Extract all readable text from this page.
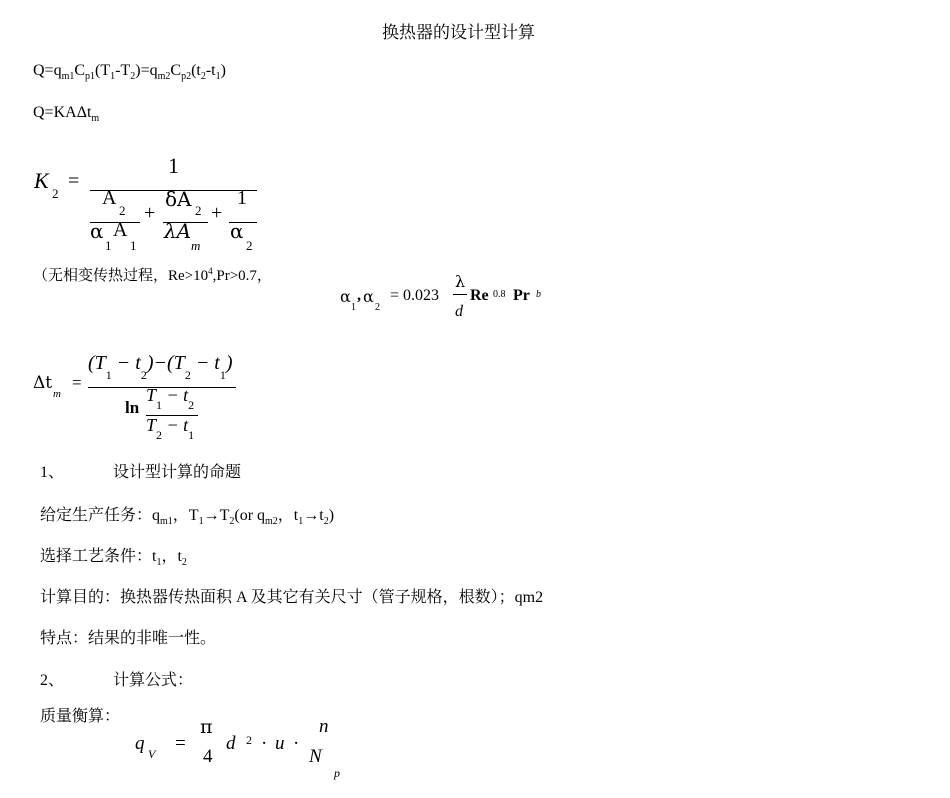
换热器的设计型计算
$Q=q_{m1}C_{p1}(T_1-T_2)=q_{m2}C_{p2}(t_2-t_1)$
Q=KAΔt$_m$
K
2
=
1
A
2 δA 2
1
+	+
α
1
A
1
λA
m
α
2
（无相变传热过程，$Re>10^4,Pr>0.7$，
α
1
, α
2
= 0.023
λ
d
Re 0.8 Pr b
Δt
m
=
$(T_1 - t_2)-(T_2 - t_1)$
ln
$T_1 - t_2$
$T_2 - t_1$
1、	设计型计算的命题
给定生产任务：$q_{m1}$，$T_1\to T_2(or$ $q_{m2}$，$t_1\to t_2$)
选择工艺条件：$t_1$，$t_2$
计算目的：换热器传热面积 A 及其它有关尺寸（管子规格，根数）；qm2
特点：结果的非唯一性。
2、	计算公式：
质量衡算：
q V =
π
4
d 2 · u ·
n
N
p
